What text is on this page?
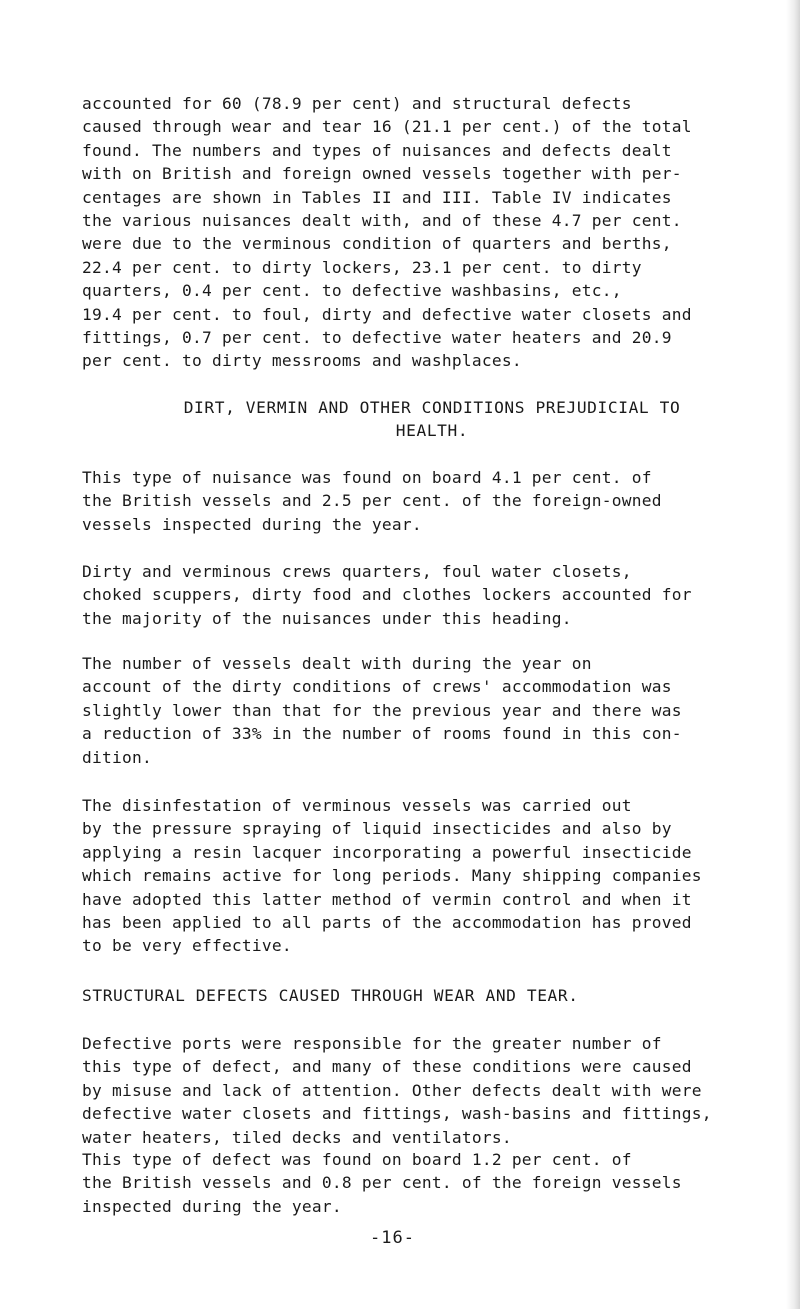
accounted for 60 (78.9 per cent) and structural defects
caused through wear and tear 16 (21.1 per cent.) of the total
found. The numbers and types of nuisances and defects dealt
with on British and foreign owned vessels together with per-
centages are shown in Tables II and III. Table IV indicates
the various nuisances dealt with, and of these 4.7 per cent.
were due to the verminous condition of quarters and berths,
22.4 per cent. to dirty lockers, 23.1 per cent. to dirty
quarters, 0.4 per cent. to defective washbasins, etc.,
19.4 per cent. to foul, dirty and defective water closets and
fittings, 0.7 per cent. to defective water heaters and 20.9
per cent. to dirty messrooms and washplaces.

DIRT, VERMIN AND OTHER CONDITIONS PREJUDICIAL TO
HEALTH.

This type of nuisance was found on board 4.1 per cent. of
the British vessels and 2.5 per cent. of the foreign-owned
vessels inspected during the year.

Dirty and verminous crews quarters, foul water closets,
choked scuppers, dirty food and clothes lockers accounted for
the majority of the nuisances under this heading.

The number of vessels dealt with during the year on
account of the dirty conditions of crews' accommodation was
slightly lower than that for the previous year and there was
a reduction of 33% in the number of rooms found in this con-
dition.

The disinfestation of verminous vessels was carried out
by the pressure spraying of liquid insecticides and also by
applying a resin lacquer incorporating a powerful insecticide
which remains active for long periods. Many shipping companies
have adopted this latter method of vermin control and when it
has been applied to all parts of the accommodation has proved
to be very effective.

STRUCTURAL DEFECTS CAUSED THROUGH WEAR AND TEAR.

Defective ports were responsible for the greater number of
this type of defect, and many of these conditions were caused
by misuse and lack of attention. Other defects dealt with were
defective water closets and fittings, wash-basins and fittings,
water heaters, tiled decks and ventilators.

This type of defect was found on board 1.2 per cent. of
the British vessels and 0.8 per cent. of the foreign vessels
inspected during the year.

-16-
